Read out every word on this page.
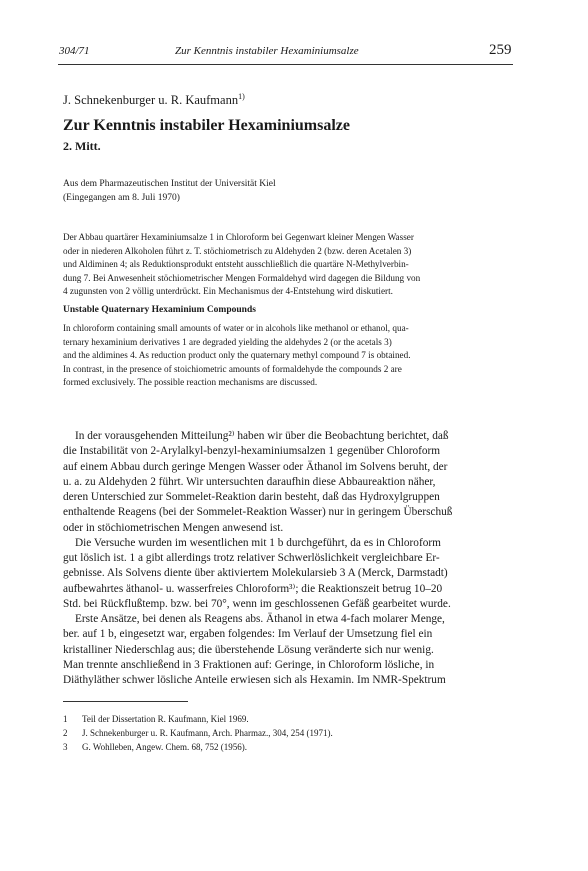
304/71	Zur Kenntnis instabiler Hexaminiumsalze	259
J. Schnekenburger u. R. Kaufmann$^{1)}$
Zur Kenntnis instabiler Hexaminiumsalze
2. Mitt.
Aus dem Pharmazeutischen Institut der Universität Kiel
(Eingegangen am 8. Juli 1970)
Der Abbau quartärer Hexaminiumsalze 1 in Chloroform bei Gegenwart kleiner Mengen Wasser
oder in niederen Alkoholen führt z. T. stöchiometrisch zu Aldehyden 2 (bzw. deren Acetalen 3)
und Aldiminen 4; als Reduktionsprodukt entsteht ausschließlich die quartäre N-Methylverbin-
dung 7. Bei Anwesenheit stöchiometrischer Mengen Formaldehyd wird dagegen die Bildung von
4 zugunsten von 2 völlig unterdrückt. Ein Mechanismus der 4-Entstehung wird diskutiert.
Unstable Quaternary Hexaminium Compounds
In chloroform containing small amounts of water or in alcohols like methanol or ethanol, qua-
ternary hexaminium derivatives 1 are degraded yielding the aldehydes 2 (or the acetals 3)
and the aldimines 4. As reduction product only the quaternary methyl compound 7 is obtained.
In contrast, in the presence of stoichiometric amounts of formaldehyde the compounds 2 are
formed exclusively. The possible reaction mechanisms are discussed.
In der vorausgehenden Mitteilung²⁾ haben wir über die Beobachtung berichtet, daß
die Instabilität von 2-Arylalkyl-benzyl-hexaminiumsalzen 1 gegenüber Chloroform
auf einem Abbau durch geringe Mengen Wasser oder Äthanol im Solvens beruht, der
u. a. zu Aldehyden 2 führt. Wir untersuchten daraufhin diese Abbaureaktion näher,
deren Unterschied zur Sommelet-Reaktion darin besteht, daß das Hydroxylgruppen
enthaltende Reagens (bei der Sommelet-Reaktion Wasser) nur in geringem Überschuß
oder in stöchiometrischen Mengen anwesend ist.
Die Versuche wurden im wesentlichen mit 1 b durchgeführt, da es in Chloroform
gut löslich ist. 1 a gibt allerdings trotz relativer Schwerlöslichkeit vergleichbare Er-
gebnisse. Als Solvens diente über aktiviertem Molekularsieb 3 A (Merck, Darmstadt)
aufbewahrtes äthanol- u. wasserfreies Chloroform³⁾; die Reaktionszeit betrug 10–20
Std. bei Rückflußtemp. bzw. bei 70°, wenn im geschlossenen Gefäß gearbeitet wurde.
Erste Ansätze, bei denen als Reagens abs. Äthanol in etwa 4-fach molarer Menge,
ber. auf 1 b, eingesetzt war, ergaben folgendes: Im Verlauf der Umsetzung fiel ein
kristalliner Niederschlag aus; die überstehende Lösung veränderte sich nur wenig.
Man trennte anschließend in 3 Fraktionen auf: Geringe, in Chloroform lösliche, in
Diäthyläther schwer lösliche Anteile erwiesen sich als Hexamin. Im NMR-Spektrum
1 Teil der Dissertation R. Kaufmann, Kiel 1969.
2 J. Schnekenburger u. R. Kaufmann, Arch. Pharmaz., 304, 254 (1971).
3 G. Wohlleben, Angew. Chem. 68, 752 (1956).
